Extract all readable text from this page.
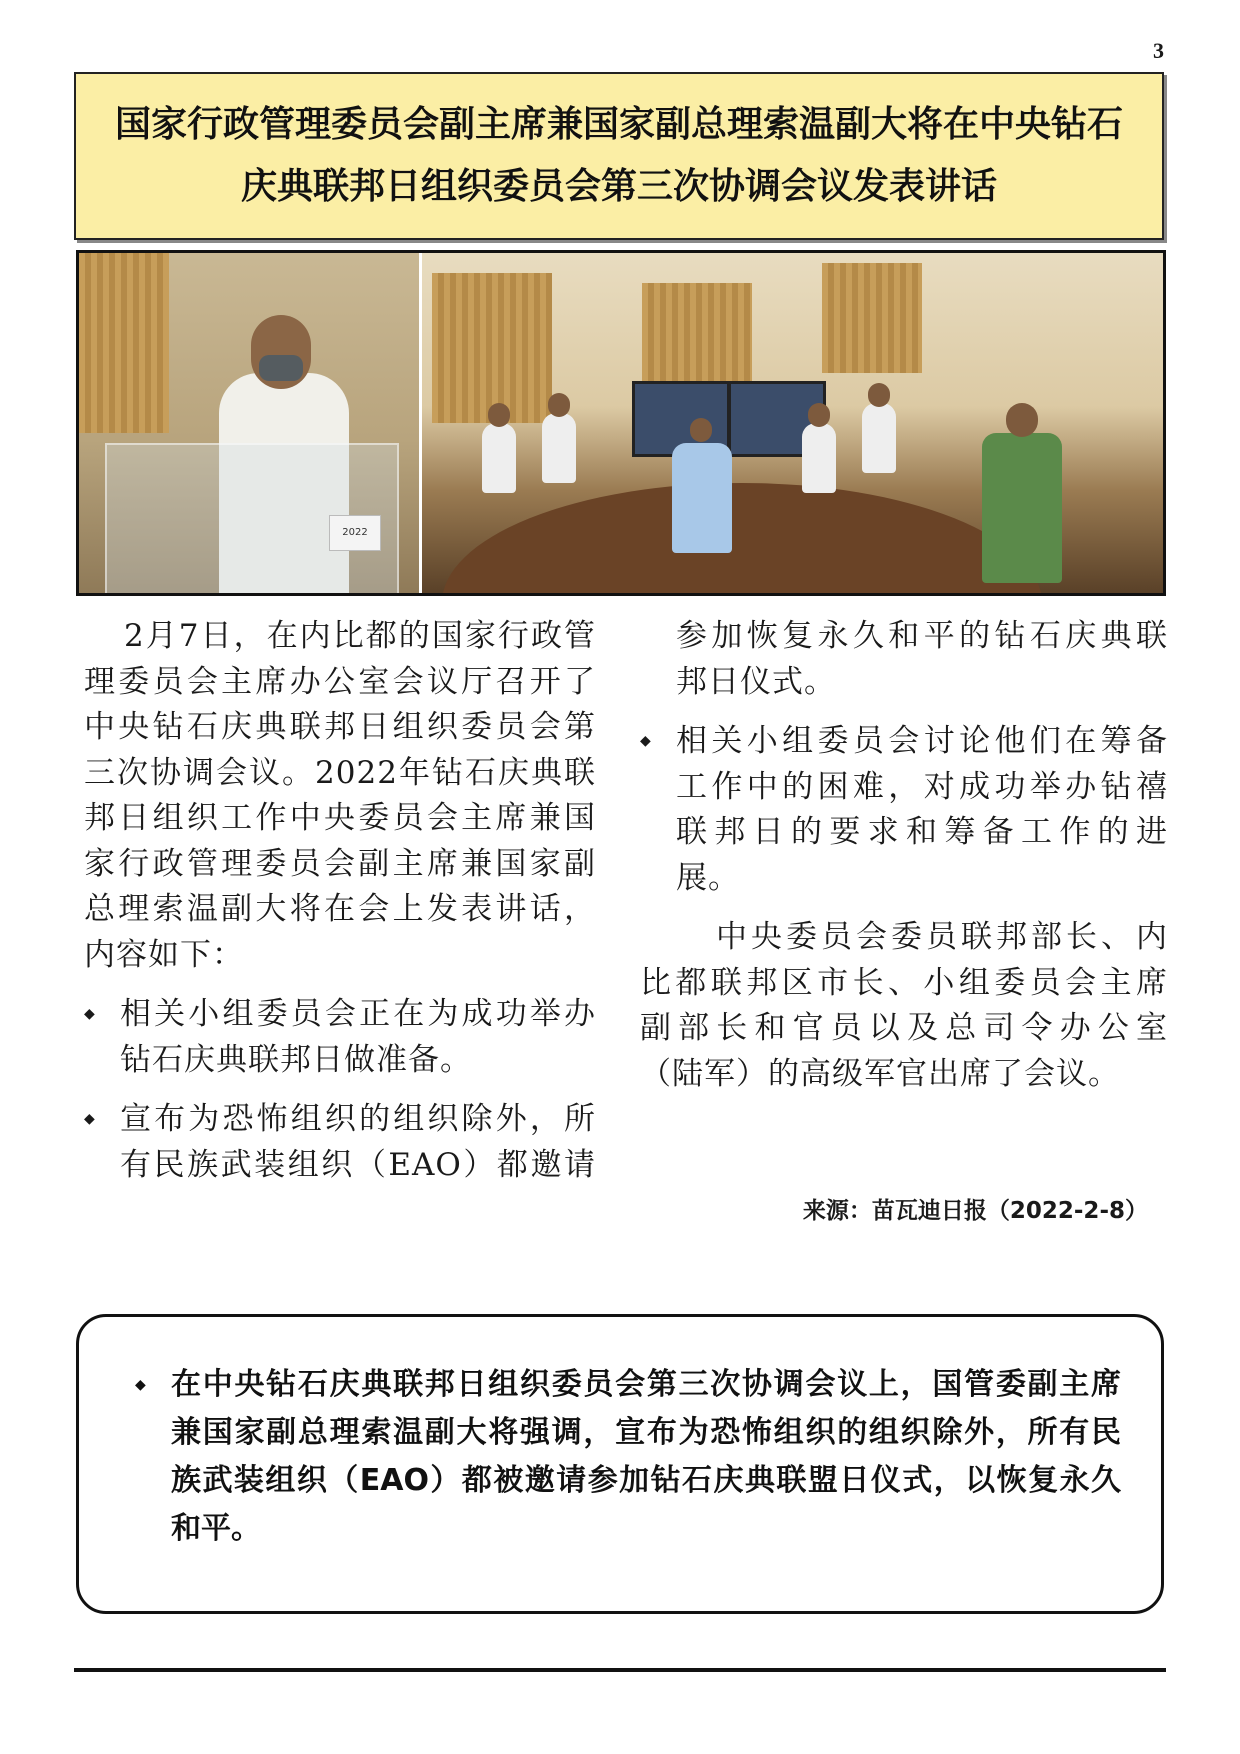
3
国家行政管理委员会副主席兼国家副总理索温副大将在中央钻石
庆典联邦日组织委员会第三次协调会议发表讲话
2022
2月7日，在内比都的国家行政管
理委员会主席办公室会议厅召开了
中央钻石庆典联邦日组织委员会第
三次协调会议。2022年钻石庆典联
邦日组织工作中央委员会主席兼国
家行政管理委员会副主席兼国家副
总理索温副大将在会上发表讲话，
内容如下：
◆
相关小组委员会正在为成功举办
钻石庆典联邦日做准备。
◆
宣布为恐怖组织的组织除外，所
有民族武装组织（EAO）都邀请
参加恢复永久和平的钻石庆典联
邦日仪式。
◆
相关小组委员会讨论他们在筹备
工作中的困难，对成功举办钻禧
联邦日的要求和筹备工作的进
展。
中央委员会委员联邦部长、内
比都联邦区市长、小组委员会主席
副部长和官员以及总司令办公室
（陆军）的高级军官出席了会议。
来源：苗瓦迪日报（2022-2-8）
◆
在中央钻石庆典联邦日组织委员会第三次协调会议上，国管委副主席
兼国家副总理索温副大将强调，宣布为恐怖组织的组织除外，所有民
族武装组织（EAO）都被邀请参加钻石庆典联盟日仪式，以恢复永久
和平。
